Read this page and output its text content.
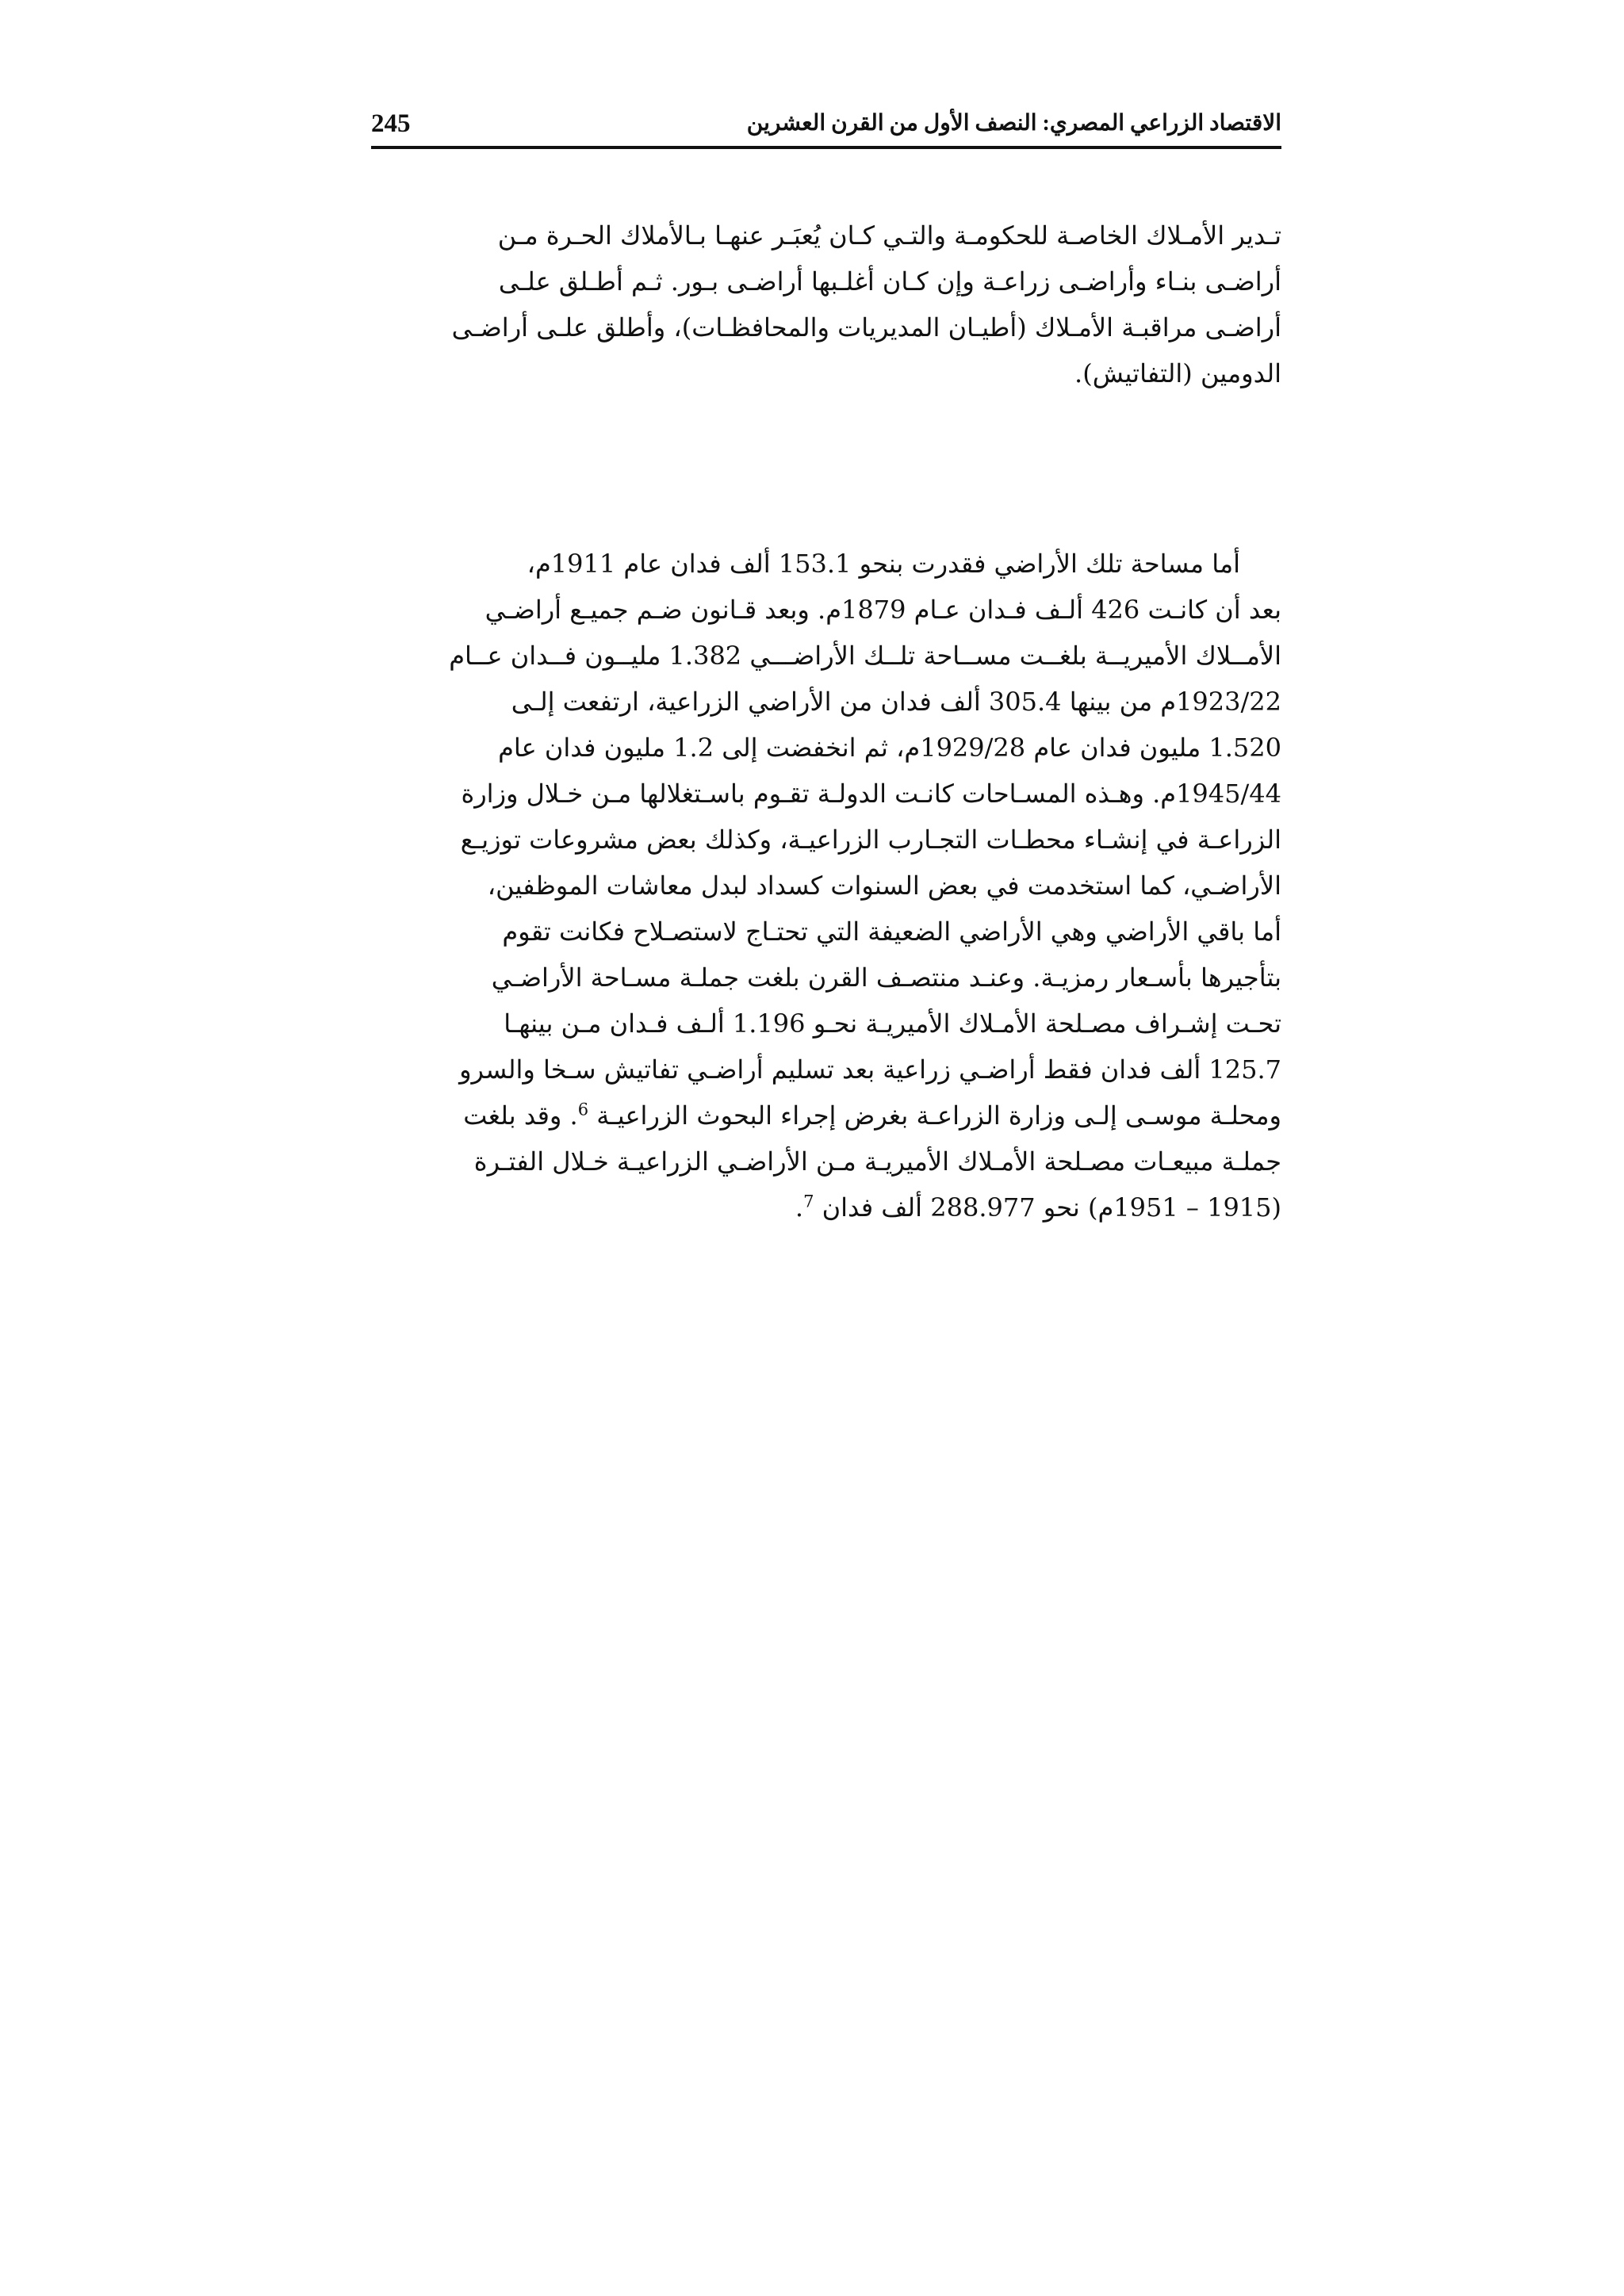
245	الاقتصاد الزراعي المصري: النصف الأول من القرن العشرين
تـدير الأمـلاك الخاصـة للحكومـة والتـي كـان يُعبَـر عنهـا بـالأملاك الحـرة مـن
أراضـى بنـاء وأراضـى زراعـة وإن كـان أغلـبها أراضـى بـور. ثـم أطـلق علـى
أراضـى مراقبـة الأمـلاك (أطيـان المديريات والمحافظـات)، وأطلق علـى أراضـى
الدومين (التفاتيش).
أما مساحة تلك الأراضي فقدرت بنحو 153.1 ألف فدان عام 1911م،
بعد أن كانـت 426 ألـف فـدان عـام 1879م. وبعد قـانون ضـم جميـع أراضـي
الأمــلاك الأميريــة بلغــت مســاحة تلــك الأراضـــي 1.382 مليــون فــدان عــام
1923/22م من بينها 305.4 ألف فدان من الأراضي الزراعية، ارتفعت إلـى
1.520 مليون فدان عام 1929/28م، ثم انخفضت إلى 1.2 مليون فدان عام
1945/44م. وهـذه المسـاحات كانـت الدولـة تقـوم باسـتغلالها مـن خـلال وزارة
الزراعـة في إنشـاء محطـات التجـارب الزراعيـة، وكذلك بعض مشروعات توزيـع
الأراضـي، كما استخدمت في بعض السنوات كسداد لبدل معاشات الموظفين،
أما باقي الأراضي وهي الأراضي الضعيفة التي تحتـاج لاستصـلاح فكانت تقوم
بتأجيرها بأسـعار رمزيـة. وعنـد منتصـف القرن بلغت جملـة مسـاحة الأراضـي
تحـت إشـراف مصـلحة الأمـلاك الأميريـة نحـو 1.196 ألـف فـدان مـن بينهـا
125.7 ألف فدان فقط أراضـي زراعية بعد تسليم أراضـي تفاتيش سـخا والسرو
ومحلـة موسـى إلـى وزارة الزراعـة بغرض إجراء البحوث الزراعيـة $^6$. وقد بلغت
جملـة مبيعـات مصـلحة الأمـلاك الأميريـة مـن الأراضـي الزراعيـة خـلال الفتـرة
(1915 – 1951م) نحو 288.977 ألف فدان $^7$.
